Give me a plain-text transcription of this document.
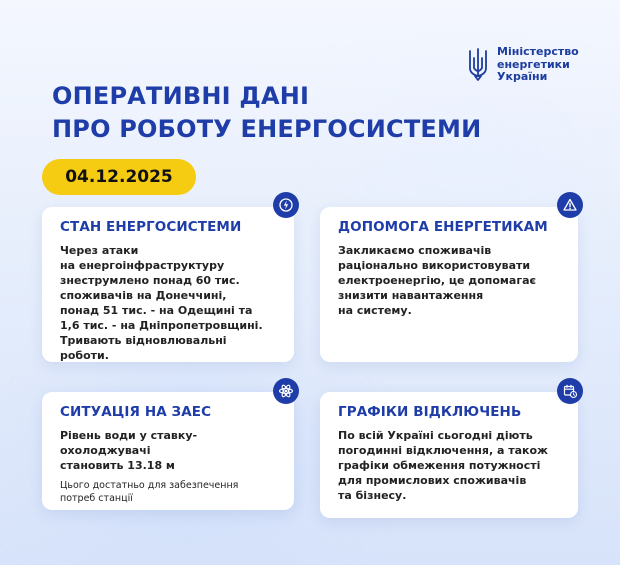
Міністерство
енергетики
України
ОПЕРАТИВНІ ДАНІ
ПРО РОБОТУ ЕНЕРГОСИСТЕМИ
04.12.2025
СТАН ЕНЕРГОСИСТЕМИ

Через атаки
на енергоінфраструктуру
знеструмлено понад 60 тис.
споживачів на Донеччині,
понад 51 тис. - на Одещині та
1,6 тис. - на Дніпропетровщині.
Тривають відновлювальні роботи.

ДОПОМОГА ЕНЕРГЕТИКАМ

Закликаємо споживачів
раціонально використовувати
електроенергію, це допомагає
знизити навантаження
на систему.

СИТУАЦІЯ НА ЗАЕС

Рівень води у ставку-охолоджувачі
становить 13.18 м

Цього достатньо для забезпечення
потреб станції

ГРАФІКИ ВІДКЛЮЧЕНЬ

По всій Україні сьогодні діють
погодинні відключення, а також
графіки обмеження потужності
для промислових споживачів
та бізнесу.
